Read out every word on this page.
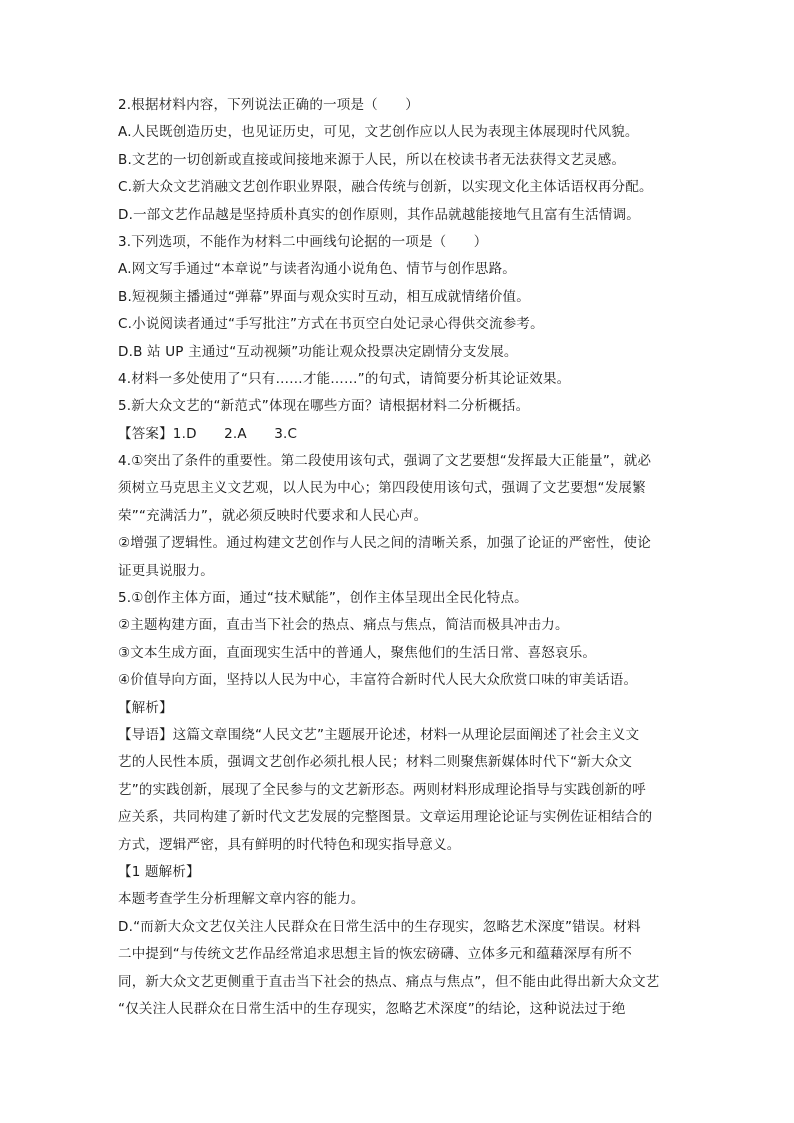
2.根据材料内容，下列说法正确的一项是（　　）
A.人民既创造历史，也见证历史，可见，文艺创作应以人民为表现主体展现时代风貌。
B.文艺的一切创新或直接或间接地来源于人民，所以在校读书者无法获得文艺灵感。
C.新大众文艺消融文艺创作职业界限，融合传统与创新，以实现文化主体话语权再分配。
D.一部文艺作品越是坚持质朴真实的创作原则，其作品就越能接地气且富有生活情调。
3.下列选项，不能作为材料二中画线句论据的一项是（　　）
A.网文写手通过“本章说”与读者沟通小说角色、情节与创作思路。
B.短视频主播通过“弹幕”界面与观众实时互动，相互成就情绪价值。
C.小说阅读者通过“手写批注”方式在书页空白处记录心得供交流参考。
D.B 站 UP 主通过“互动视频”功能让观众投票决定剧情分支发展。
4.材料一多处使用了“只有……才能……”的句式，请简要分析其论证效果。
5.新大众文艺的“新范式”体现在哪些方面？请根据材料二分析概括。
【答案】1.D　　2.A　　3.C
4.①突出了条件的重要性。第二段使用该句式，强调了文艺要想“发挥最大正能量”，就必
须树立马克思主义文艺观，以人民为中心；第四段使用该句式，强调了文艺要想“发展繁
荣”“充满活力”，就必须反映时代要求和人民心声。
②增强了逻辑性。通过构建文艺创作与人民之间的清晰关系，加强了论证的严密性，使论
证更具说服力。
5.①创作主体方面，通过“技术赋能”，创作主体呈现出全民化特点。
②主题构建方面，直击当下社会的热点、痛点与焦点，简洁而极具冲击力。
③文本生成方面，直面现实生活中的普通人，聚焦他们的生活日常、喜怒哀乐。
④价值导向方面，坚持以人民为中心，丰富符合新时代人民大众欣赏口味的审美话语。
【解析】
【导语】这篇文章围绕“人民文艺”主题展开论述，材料一从理论层面阐述了社会主义文
艺的人民性本质，强调文艺创作必须扎根人民；材料二则聚焦新媒体时代下“新大众文
艺”的实践创新，展现了全民参与的文艺新形态。两则材料形成理论指导与实践创新的呼
应关系，共同构建了新时代文艺发展的完整图景。文章运用理论论证与实例佐证相结合的
方式，逻辑严密，具有鲜明的时代特色和现实指导意义。
【1 题解析】
本题考查学生分析理解文章内容的能力。
D.“而新大众文艺仅关注人民群众在日常生活中的生存现实，忽略艺术深度”错误。材料
二中提到“与传统文艺作品经常追求思想主旨的恢宏磅礴、立体多元和蕴藉深厚有所不
同，新大众文艺更侧重于直击当下社会的热点、痛点与焦点”，但不能由此得出新大众文艺
“仅关注人民群众在日常生活中的生存现实，忽略艺术深度”的结论，这种说法过于绝
